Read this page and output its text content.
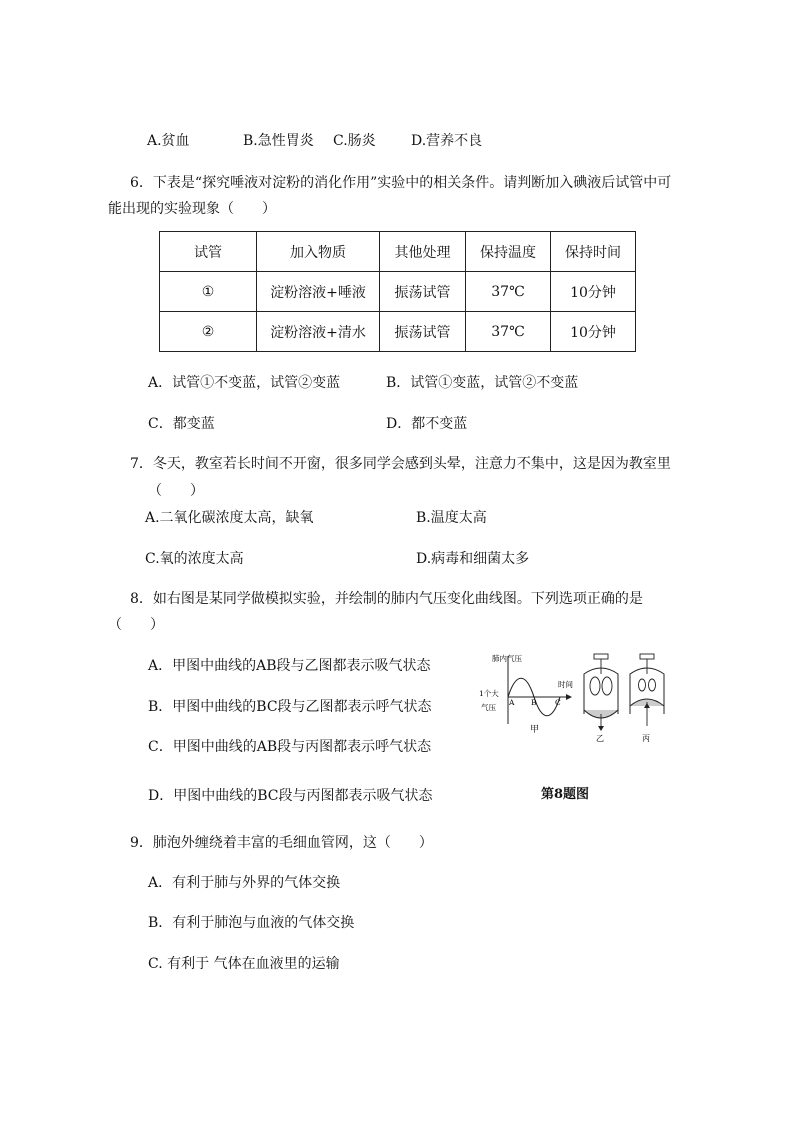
A.贫血	B.急性胃炎 C.肠炎	D.营养不良
6．下表是“探究唾液对淀粉的消化作用”实验中的相关条件。请判断加入碘液后试管中可
能出现的实验现象（　　）
试管	加入物质	其他处理	保持温度	保持时间
①	淀粉溶液+唾液	振荡试管	37℃	10分钟
②	淀粉溶液+清水	振荡试管	37℃	10分钟
A．试管①不变蓝，试管②变蓝	B．试管①变蓝，试管②不变蓝
C．都变蓝	D．都不变蓝
7．冬天，教室若长时间不开窗，很多同学会感到头晕，注意力不集中，这是因为教室里
（　　）
A.二氧化碳浓度太高，缺氧	B.温度太高
C.氧的浓度太高	D.病毒和细菌太多
8．如右图是某同学做模拟实验，并绘制的肺内气压变化曲线图。下列选项正确的是
（　　）
A．甲图中曲线的AB段与乙图都表示吸气状态
B．甲图中曲线的BC段与乙图都表示呼气状态
C．甲图中曲线的AB段与丙图都表示呼气状态
D．甲图中曲线的BC段与丙图都表示吸气状态
肺内气压
1个大
气压
A B C
时间
甲
乙	丙
第8题图
9．肺泡外缠绕着丰富的毛细血管网，这（　　）
A．有利于肺与外界的气体交换
B．有利于肺泡与血液的气体交换
C. 有利于 气体在血液里的运输
